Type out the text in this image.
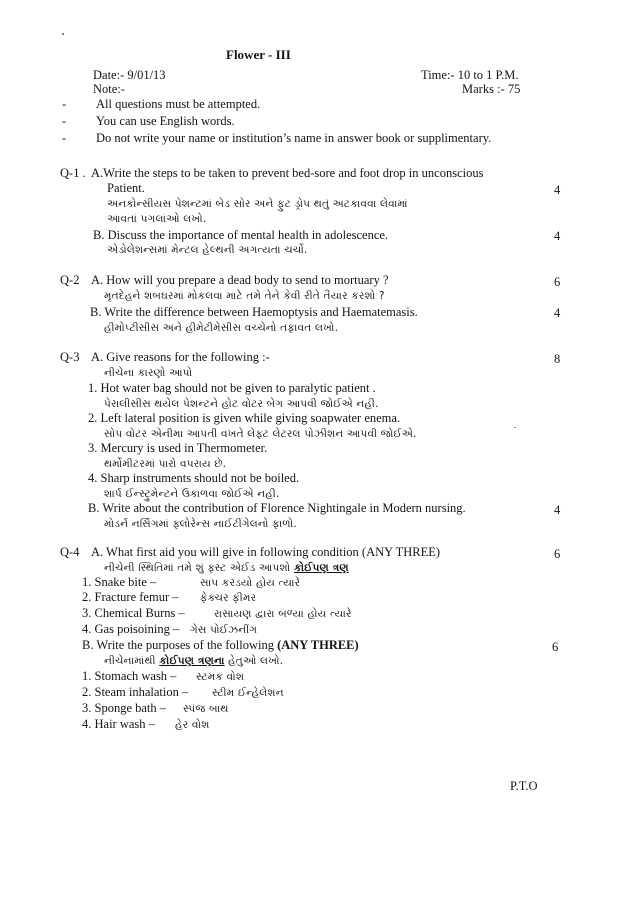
Flower - III
Date:- 9/01/13	Time:- 10 to 1 P.M.
Note:-	Marks :- 75
- All questions must be attempted.
- You can use English words.
- Do not write your name or institution’s name in answer book or supplimentary.
Q-1 . A.Write the steps to be taken to prevent bed-sore and foot drop in unconscious
Patient.	4
અનકોન્સીયસ પેશન્ટમાં બેડ સોર અને ફુટ ડ્રોપ થતું અટકાવવા લેવામાં
આવતાં પગલાંઓ લખો.
B. Discuss the importance of mental health in adolescence.	4
એડોલેશન્સમાં મેન્ટલ હેલ્થની અગત્યતા ચર્ચો.
Q-2 A. How will you prepare a dead body to send to mortuary ?	6
મૃતદેહને શબઘરમાં મોકલવા માટે તમે તેને કેવી રીતે તૈયાર કરશો ?
B. Write the difference between Haemoptysis and Haematemasis.	4
હીમોપ્ટીસીસ અને હીમેટીમેસીસ વચ્ચેનો તફાવત લખો.
Q-3 A. Give reasons for the following :-	8
નીચેના કારણો આપો
1. Hot water bag should not be given to paralytic patient .
પેરાલીસીસ થયેલ પેશન્ટને હોટ વોટર બેગ આપવી જોઈએ નહી.
2. Left lateral position is given while giving soapwater enema.
સોપ વોટર એનીમા આપતી વખતે લેફ્ટ લેટરલ પોઝીશન આપવી જોઈએ.
3. Mercury is used in Thermometer.
થર્મોમીટરમાં પારો વપરાય છે.
4. Sharp instruments should not be boiled.
શાર્પ ઈન્સ્ટ્રુમેન્ટને ઉકાળવા જોઈએ નહી.
B. Write about the contribution of Florence Nightingale in Modern nursing.	4
મોડર્ન નર્સિંગમાં ફ્લોરેન્સ નાઈટીંગેલનો ફાળો.
Q-4 A. What first aid you will give in following condition (ANY THREE)	6
નીચેની સ્થિતિમાં તમે શું ફ્સ્ટ એઈડ આપશો કોઈપણ ત્રણ
1. Snake bite –	સાપ કરડયો હોય ત્યારે
2. Fracture femur – ફેક્ચર ફીમર
3. Chemical Burns –	રાસાયણ દ્વારા બળ્યા હોય ત્યારે
4. Gas poisoining – ગેસ પોઈઝનીંગ
B. Write the purposes of the following (ANY THREE)	6
નીચેનામાંથી કોઈપણ ત્રણના હેતુઓ લખો.
1. Stomach wash – સ્ટમક વોશ
2. Steam inhalation – સ્ટીમ ઈન્હેલેશન
3. Sponge bath – સ્પંજ બાથ
4. Hair wash – હેર વોશ
P.T.O
